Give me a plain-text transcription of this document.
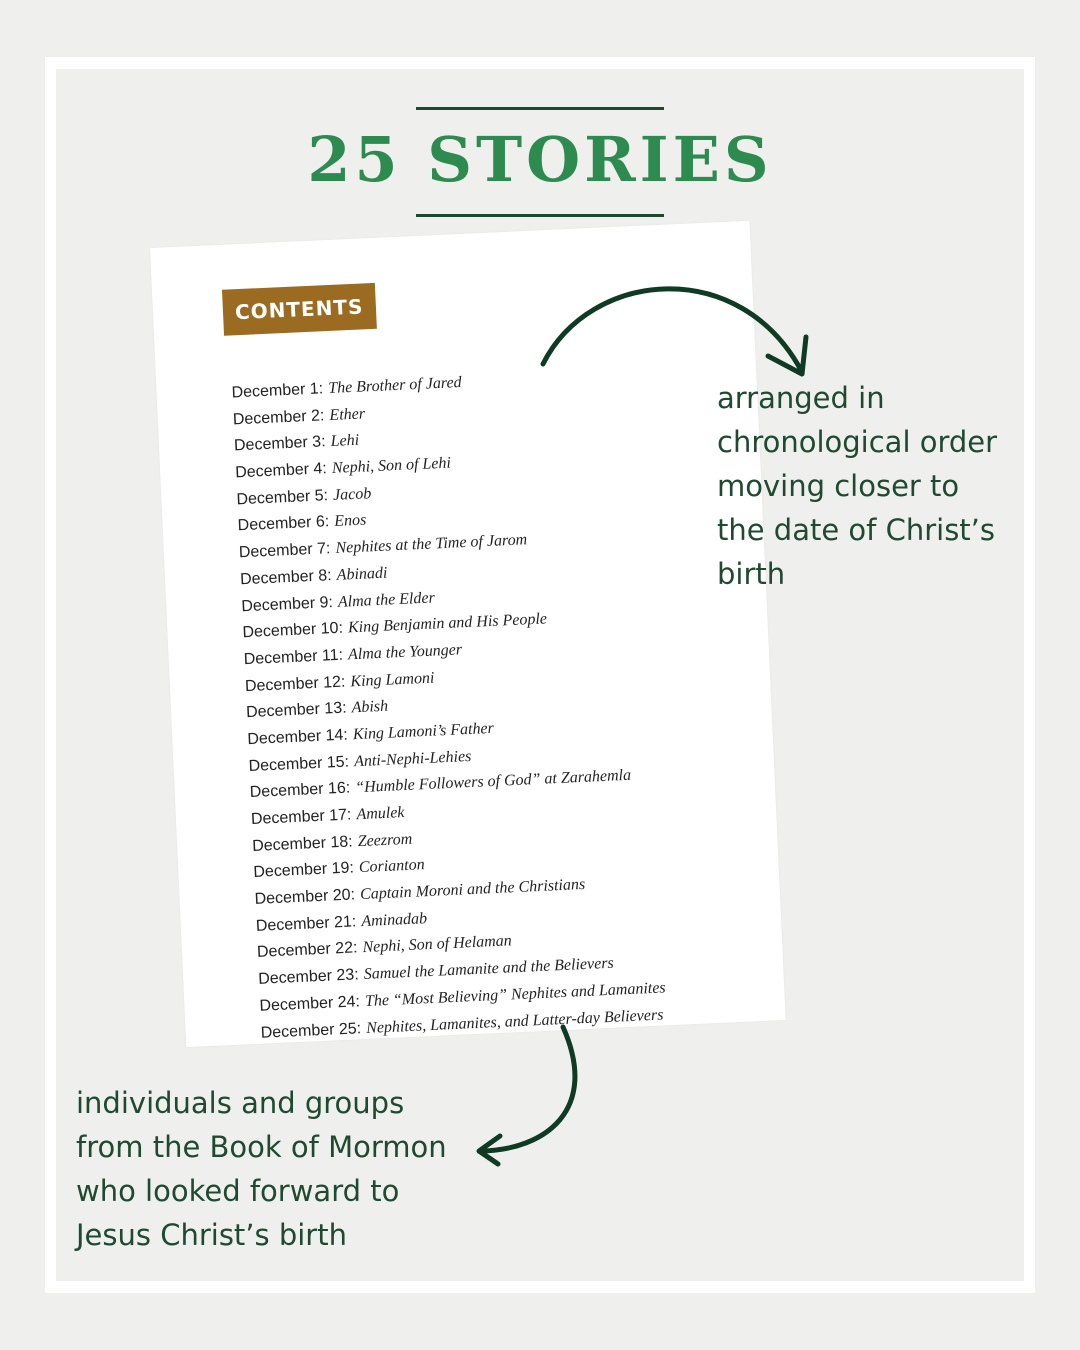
25 STORIES
CONTENTS
December 1: The Brother of Jared
December 2: Ether
December 3: Lehi
December 4: Nephi, Son of Lehi
December 5: Jacob
December 6: Enos
December 7: Nephites at the Time of Jarom
December 8: Abinadi
December 9: Alma the Elder
December 10: King Benjamin and His People
December 11: Alma the Younger
December 12: King Lamoni
December 13: Abish
December 14: King Lamoni’s Father
December 15: Anti-Nephi-Lehies
December 16: “Humble Followers of God” at Zarahemla
December 17: Amulek
December 18: Zeezrom
December 19: Corianton
December 20: Captain Moroni and the Christians
December 21: Aminadab
December 22: Nephi, Son of Helaman
December 23: Samuel the Lamanite and the Believers
December 24: The “Most Believing” Nephites and Lamanites
December 25: Nephites, Lamanites, and Latter-day Believers
arranged in
chronological order
moving closer to
the date of Christ’s
birth
individuals and groups
from the Book of Mormon
who looked forward to
Jesus Christ’s birth
